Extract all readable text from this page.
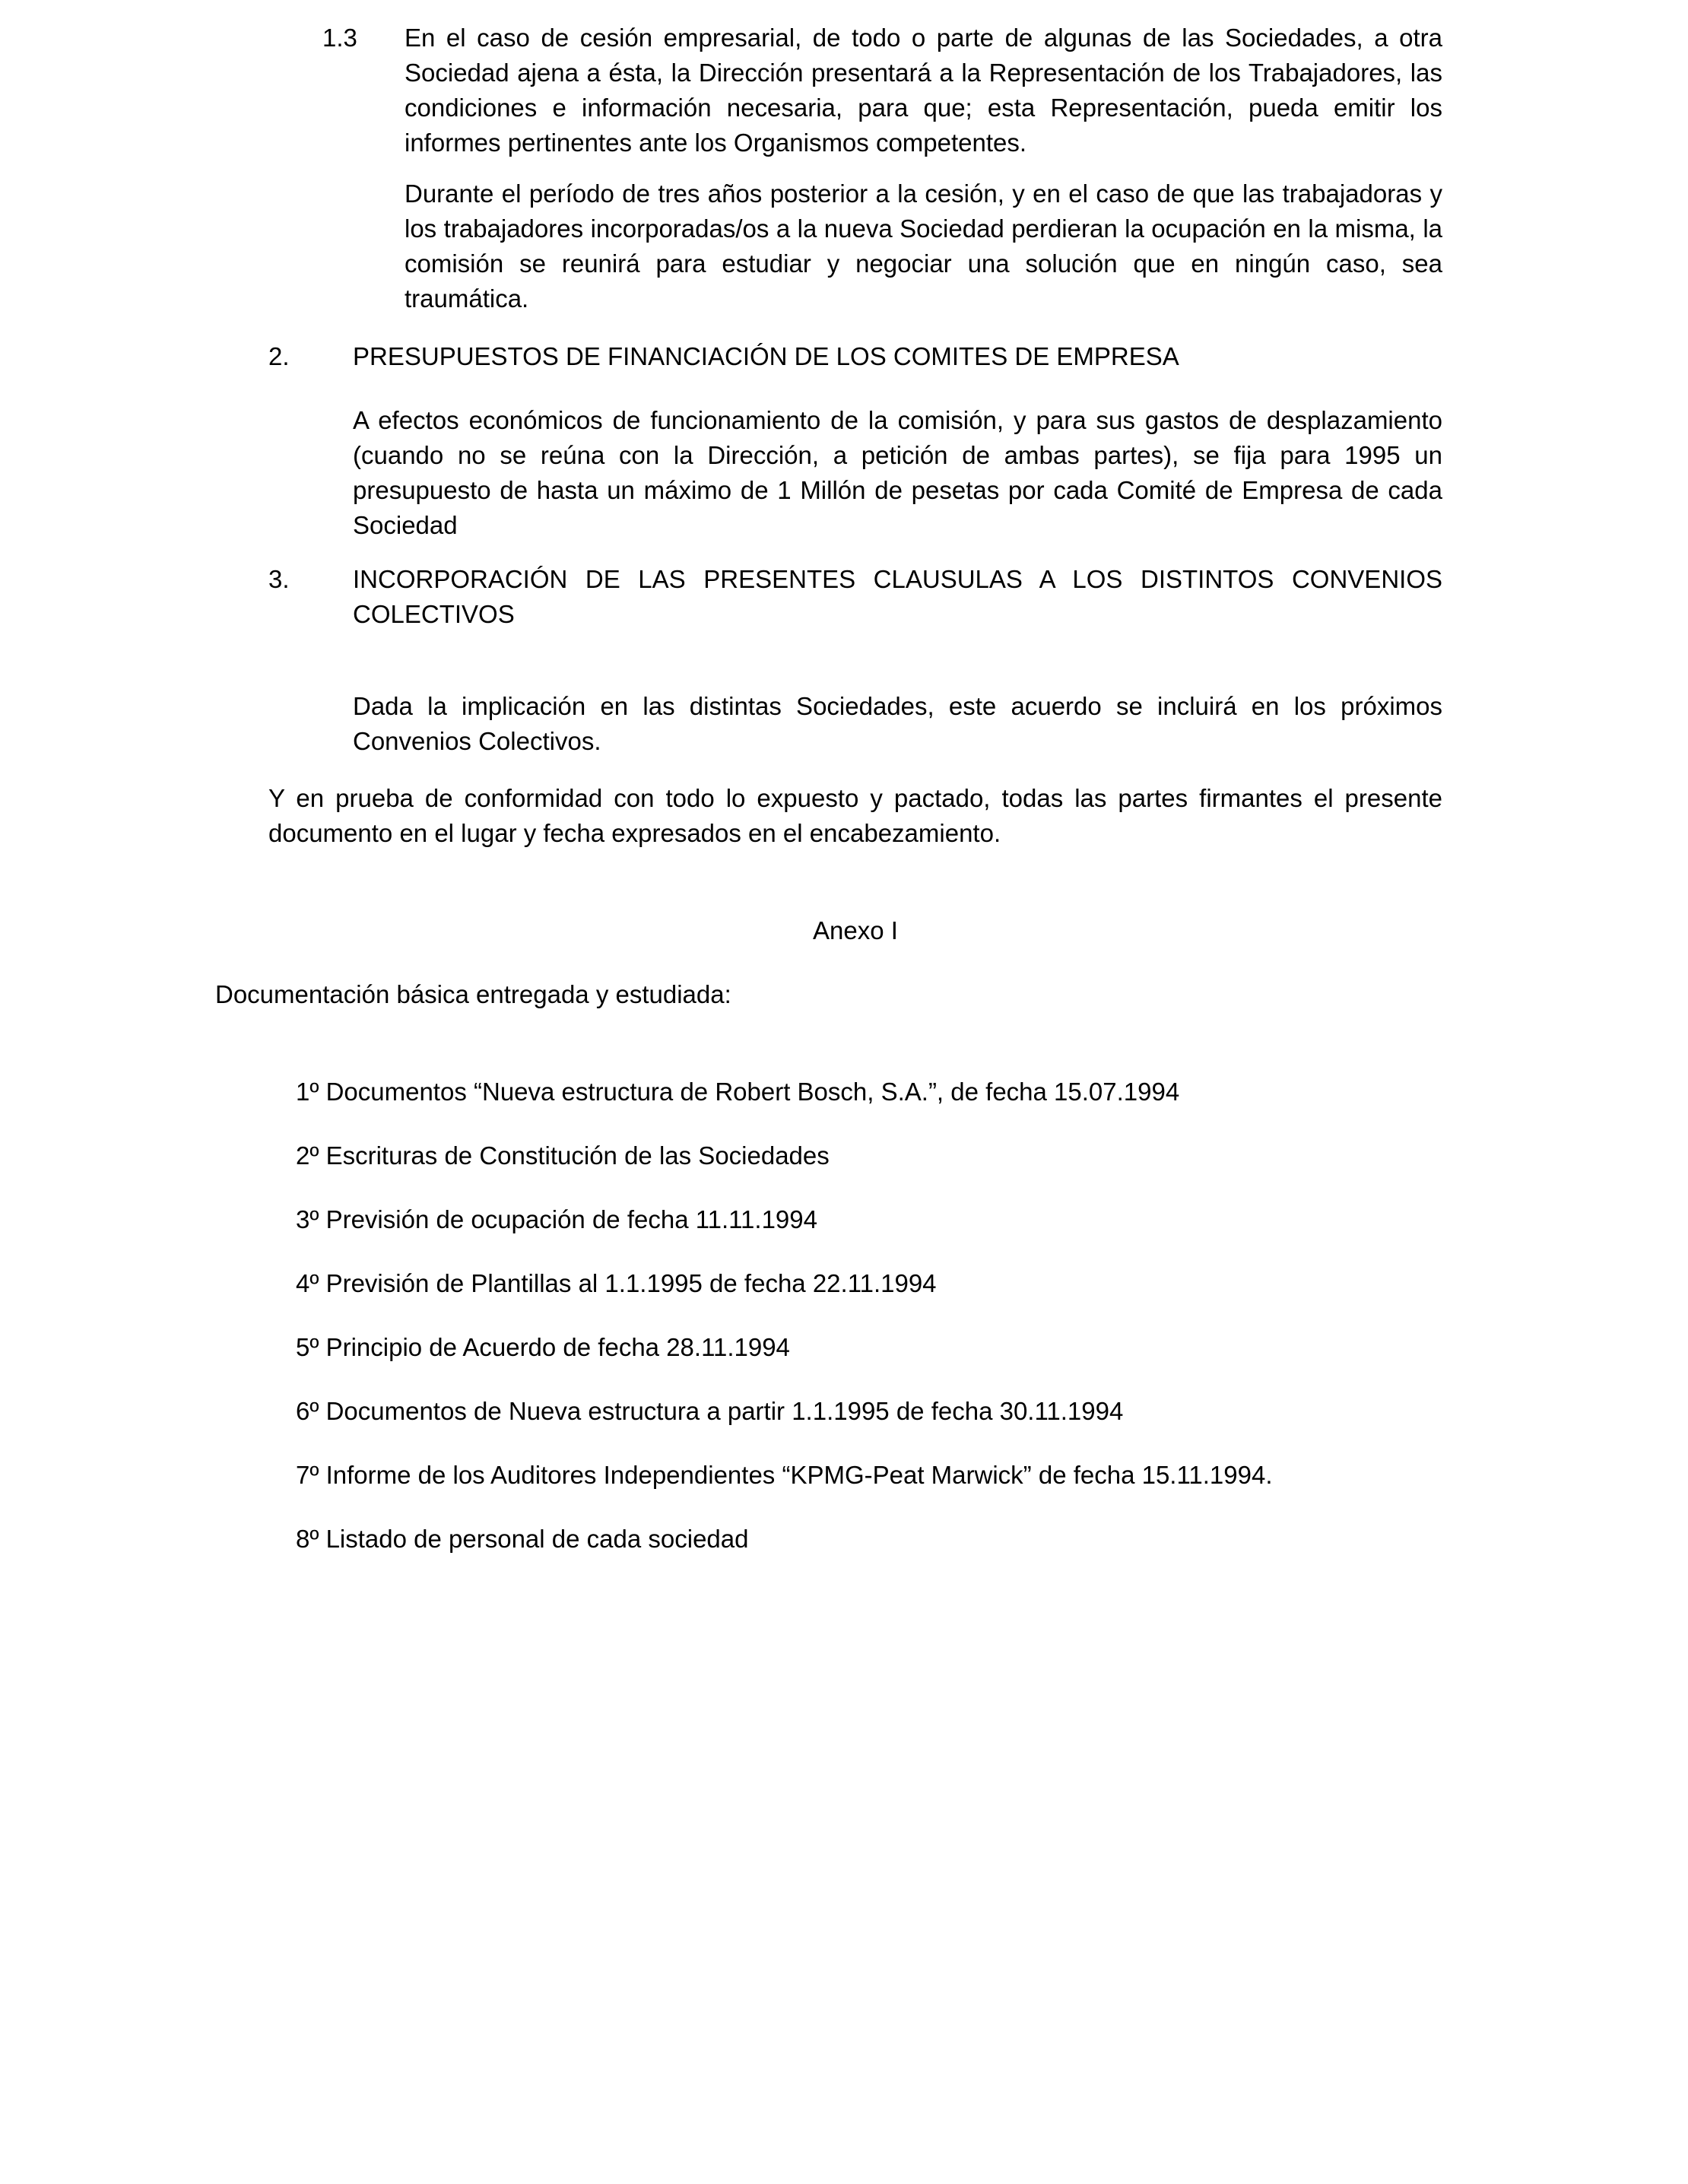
1.3	En el caso de cesión empresarial, de todo o parte de algunas de las Sociedades, a otra Sociedad ajena a ésta, la Dirección presentará a la Representación de los Trabajadores, las condiciones e información necesaria, para que; esta Representación, pueda emitir los informes pertinentes ante los Organismos competentes.

Durante el período de tres años posterior a la cesión, y en el caso de que las trabajadoras y los trabajadores incorporadas/os a la nueva Sociedad perdieran la ocupación en la misma, la comisión se reunirá para estudiar y negociar una solución que en ningún caso, sea traumática.

2.	PRESUPUESTOS DE FINANCIACIÓN DE LOS COMITES DE EMPRESA

A efectos económicos de funcionamiento de la comisión, y para sus gastos de desplazamiento (cuando no se reúna con la Dirección, a petición de ambas partes), se fija para 1995 un presupuesto de hasta un máximo de 1 Millón de pesetas por cada Comité de Empresa de cada Sociedad

3.	INCORPORACIÓN DE LAS PRESENTES CLAUSULAS A LOS DISTINTOS CONVENIOS COLECTIVOS

Dada la implicación en las distintas Sociedades, este acuerdo se incluirá en los próximos Convenios Colectivos.

Y en prueba de conformidad con todo lo expuesto y pactado, todas las partes firmantes el presente documento en el lugar y fecha expresados en el encabezamiento.

Anexo I

Documentación básica entregada y estudiada:

1º Documentos “Nueva estructura de Robert Bosch, S.A.”, de fecha 15.07.1994

2º Escrituras de Constitución de las Sociedades

3º Previsión de ocupación de fecha 11.11.1994

4º Previsión de Plantillas al 1.1.1995 de fecha 22.11.1994

5º Principio de Acuerdo de fecha 28.11.1994

6º Documentos de Nueva estructura a partir 1.1.1995 de fecha 30.11.1994

7º Informe de los Auditores Independientes “KPMG-Peat Marwick” de fecha 15.11.1994.

8º Listado de personal de cada sociedad
